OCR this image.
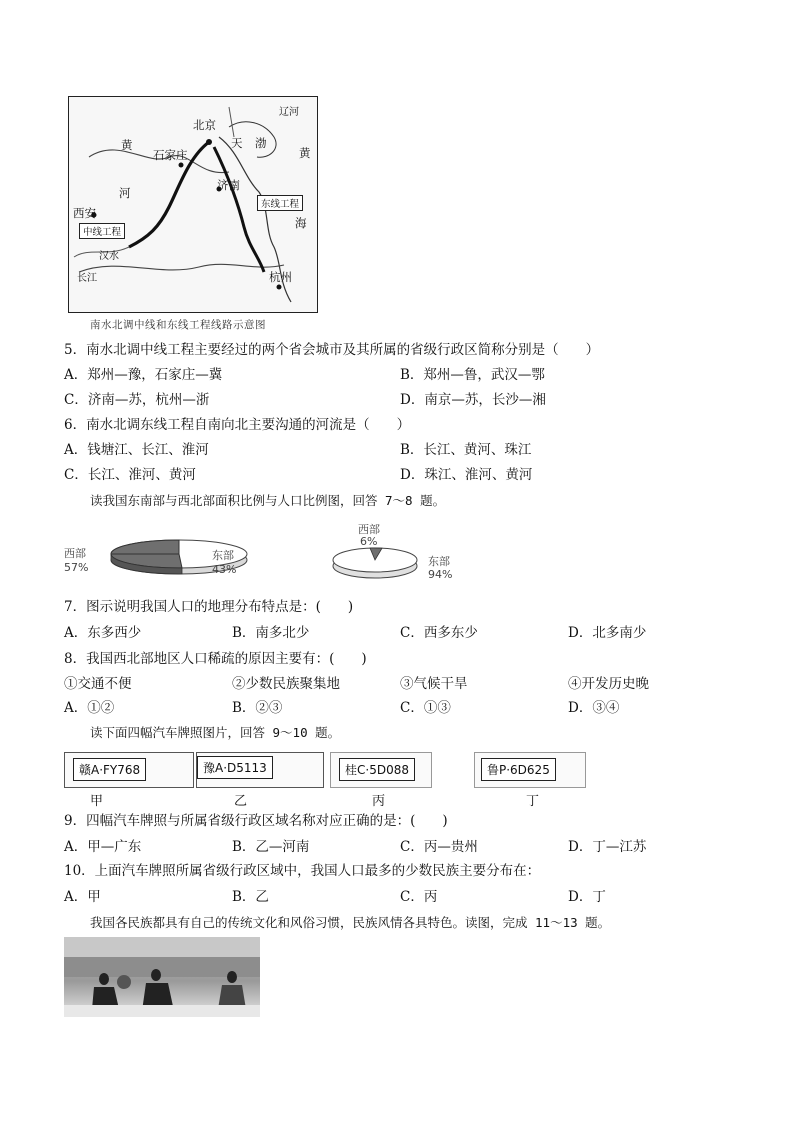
北京
天
石家庄
黄
黄
河
渤
济南
西安
海
杭州
辽河
长江
汉水
东线工程
中线工程
南水北调中线和东线工程线路示意图
5．南水北调中线工程主要经过的两个省会城市及其所属的省级行政区简称分别是（　　）
A．郑州—豫，石家庄—冀	B．郑州—鲁，武汉—鄂
C．济南—苏，杭州—浙	D．南京—苏，长沙—湘
6．南水北调东线工程自南向北主要沟通的河流是（　　）
A．钱塘江、长江、淮河	B．长江、黄河、珠江
C．长江、淮河、黄河	D．珠江、淮河、黄河
读我国东南部与西北部面积比例与人口比例图，回答 7～8 题。
西部
57%
东部
43%
西部
6%
东部
94%
7．图示说明我国人口的地理分布特点是：(　　)
A．东多西少	B．南多北少	C．西多东少	D．北多南少
8．我国西北部地区人口稀疏的原因主要有：(　　)
①交通不便	②少数民族聚集地	③气候干旱	④开发历史晚
A．①②	B．②③	C．①③	D．③④
读下面四幅汽车牌照图片，回答 9～10 题。
赣A·FY768
甲
豫A·D5113
乙
桂C·5D088
丙
鲁P·6D625
丁
9．四幅汽车牌照与所属省级行政区域名称对应正确的是：(　　)
A．甲—广东	B．乙—河南	C．丙—贵州	D．丁—江苏
10．上面汽车牌照所属省级行政区域中，我国人口最多的少数民族主要分布在：
A．甲	B．乙	C．丙	D．丁
我国各民族都具有自己的传统文化和风俗习惯，民族风情各具特色。读图，完成 11～13 题。
